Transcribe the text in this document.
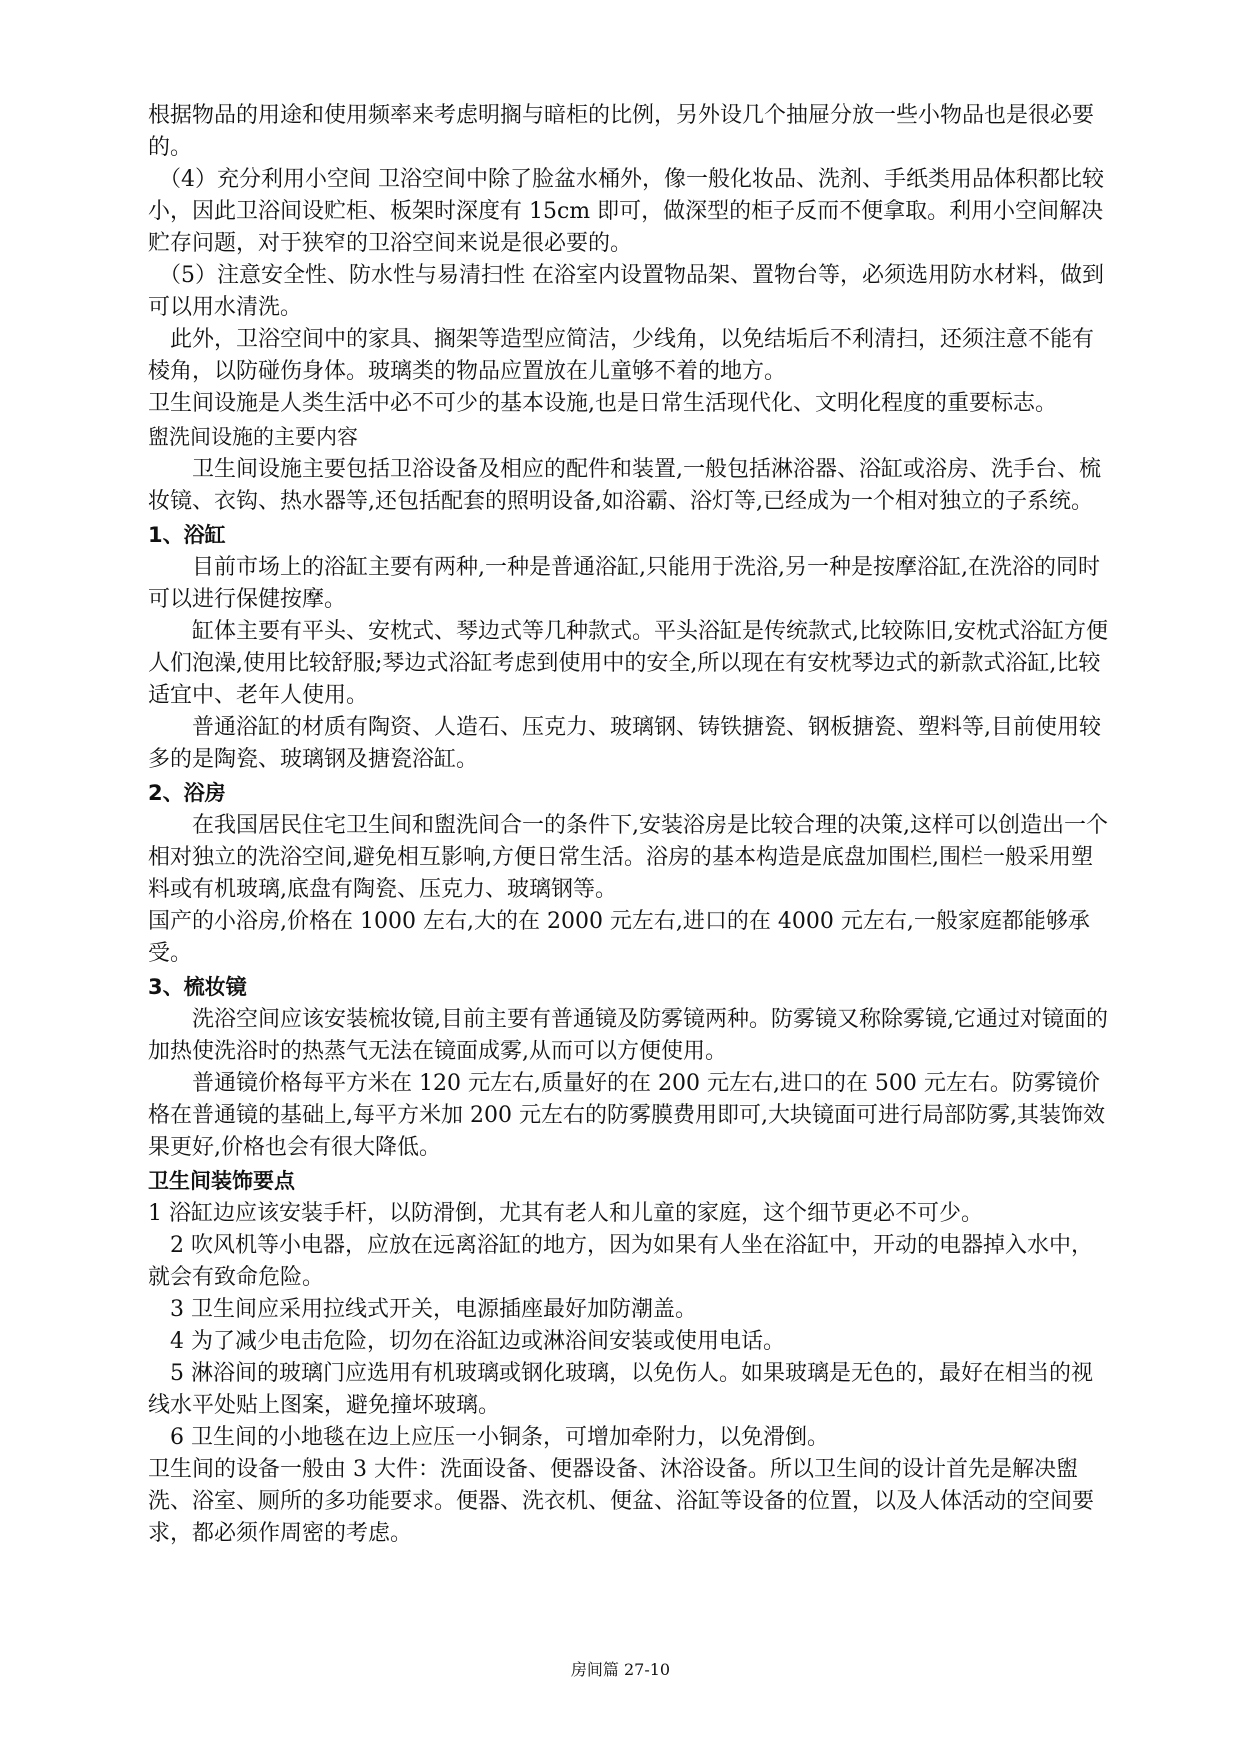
根据物品的用途和使用频率来考虑明搁与暗柜的比例，另外设几个抽屉分放一些小物品也是很必要的。

（4）充分利用小空间 卫浴空间中除了脸盆水桶外，像一般化妆品、洗剂、手纸类用品体积都比较小，因此卫浴间设贮柜、板架时深度有 15cm 即可，做深型的柜子反而不便拿取。利用小空间解决贮存问题，对于狭窄的卫浴空间来说是很必要的。

（5）注意安全性、防水性与易清扫性 在浴室内设置物品架、置物台等，必须选用防水材料，做到可以用水清洗。

此外，卫浴空间中的家具、搁架等造型应简洁，少线角，以免结垢后不利清扫，还须注意不能有棱角，以防碰伤身体。玻璃类的物品应置放在儿童够不着的地方。

卫生间设施是人类生活中必不可少的基本设施,也是日常生活现代化、文明化程度的重要标志。

盥洗间设施的主要内容

卫生间设施主要包括卫浴设备及相应的配件和装置,一般包括淋浴器、浴缸或浴房、洗手台、梳妆镜、衣钩、热水器等,还包括配套的照明设备,如浴霸、浴灯等,已经成为一个相对独立的子系统。

1、浴缸

目前市场上的浴缸主要有两种,一种是普通浴缸,只能用于洗浴,另一种是按摩浴缸,在洗浴的同时可以进行保健按摩。

缸体主要有平头、安枕式、琴边式等几种款式。平头浴缸是传统款式,比较陈旧,安枕式浴缸方便人们泡澡,使用比较舒服;琴边式浴缸考虑到使用中的安全,所以现在有安枕琴边式的新款式浴缸,比较适宜中、老年人使用。

普通浴缸的材质有陶资、人造石、压克力、玻璃钢、铸铁搪瓷、钢板搪瓷、塑料等,目前使用较多的是陶瓷、玻璃钢及搪瓷浴缸。

2、浴房

在我国居民住宅卫生间和盥洗间合一的条件下,安装浴房是比较合理的决策,这样可以创造出一个相对独立的洗浴空间,避免相互影响,方便日常生活。浴房的基本构造是底盘加围栏,围栏一般采用塑料或有机玻璃,底盘有陶瓷、压克力、玻璃钢等。

国产的小浴房,价格在 1000 左右,大的在 2000 元左右,进口的在 4000 元左右,一般家庭都能够承受。

3、梳妆镜

洗浴空间应该安装梳妆镜,目前主要有普通镜及防雾镜两种。防雾镜又称除雾镜,它通过对镜面的加热使洗浴时的热蒸气无法在镜面成雾,从而可以方便使用。

普通镜价格每平方米在 120 元左右,质量好的在 200 元左右,进口的在 500 元左右。防雾镜价格在普通镜的基础上,每平方米加 200 元左右的防雾膜费用即可,大块镜面可进行局部防雾,其装饰效果更好,价格也会有很大降低。

卫生间装饰要点

1 浴缸边应该安装手杆，以防滑倒，尤其有老人和儿童的家庭，这个细节更必不可少。

2 吹风机等小电器，应放在远离浴缸的地方，因为如果有人坐在浴缸中，开动的电器掉入水中，就会有致命危险。

3 卫生间应采用拉线式开关，电源插座最好加防潮盖。

4 为了减少电击危险，切勿在浴缸边或淋浴间安装或使用电话。

5 淋浴间的玻璃门应选用有机玻璃或钢化玻璃，以免伤人。如果玻璃是无色的，最好在相当的视线水平处贴上图案，避免撞坏玻璃。

6 卫生间的小地毯在边上应压一小铜条，可增加牵附力，以免滑倒。

卫生间的设备一般由 3 大件：洗面设备、便器设备、沐浴设备。所以卫生间的设计首先是解决盥洗、浴室、厕所的多功能要求。便器、洗衣机、便盆、浴缸等设备的位置，以及人体活动的空间要求，都必须作周密的考虑。

房间篇 27-10
